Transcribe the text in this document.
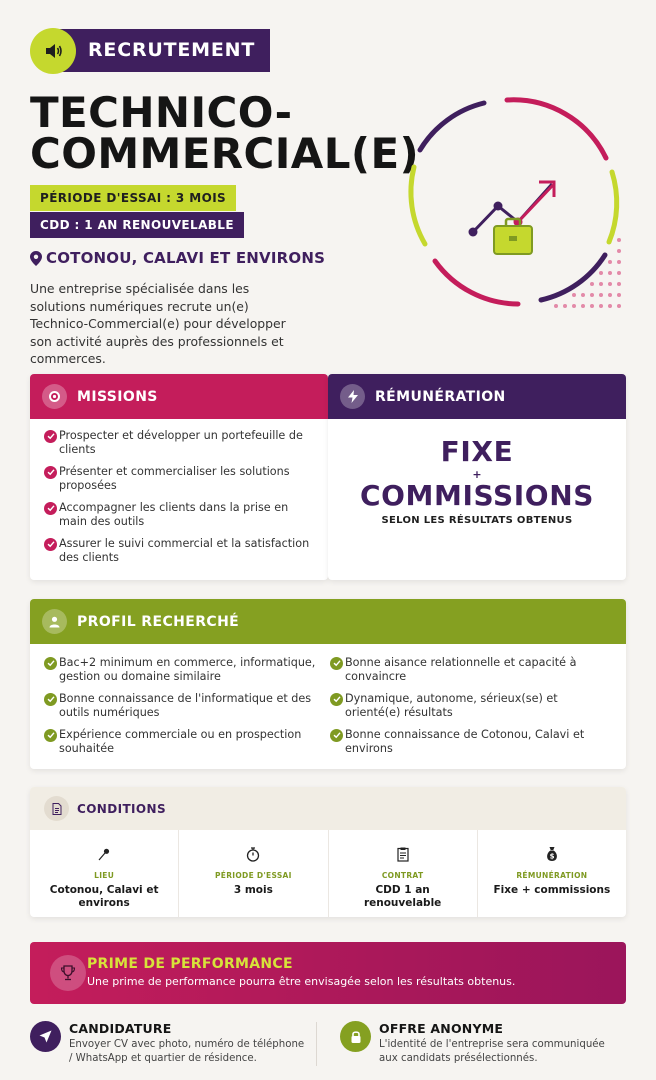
RECRUTEMENT
TECHNICO-
COMMERCIAL(E)
PÉRIODE D'ESSAI : 3 MOIS
CDD : 1 AN RENOUVELABLE
COTONOU, CALAVI ET ENVIRONS
Une entreprise spécialisée dans les solutions numériques recrute un(e) Technico-Commercial(e) pour développer son activité auprès des professionnels et commerces.
MISSIONS
Prospecter et développer un portefeuille de clients
Présenter et commercialiser les solutions proposées
Accompagner les clients dans la prise en main des outils
Assurer le suivi commercial et la satisfaction des clients
RÉMUNÉRATION
FIXE
+
COMMISSIONS
SELON LES RÉSULTATS OBTENUS
PROFIL RECHERCHÉ
Bac+2 minimum en commerce, informatique, gestion ou domaine similaire
Bonne connaissance de l'informatique et des outils numériques
Expérience commerciale ou en prospection souhaitée
Bonne aisance relationnelle et capacité à convaincre
Dynamique, autonome, sérieux(se) et orienté(e) résultats
Bonne connaissance de Cotonou, Calavi et environs
CONDITIONS
LIEU
Cotonou, Calavi et environs
PÉRIODE D'ESSAI
3 mois
CONTRAT
CDD 1 an renouvelable
$
RÉMUNÉRATION
Fixe + commissions
PRIME DE PERFORMANCE
Une prime de performance pourra être envisagée selon les résultats obtenus.
CANDIDATURE
Envoyer CV avec photo, numéro de téléphone / WhatsApp et quartier de résidence.
OFFRE ANONYME
L'identité de l'entreprise sera communiquée aux candidats présélectionnés.
